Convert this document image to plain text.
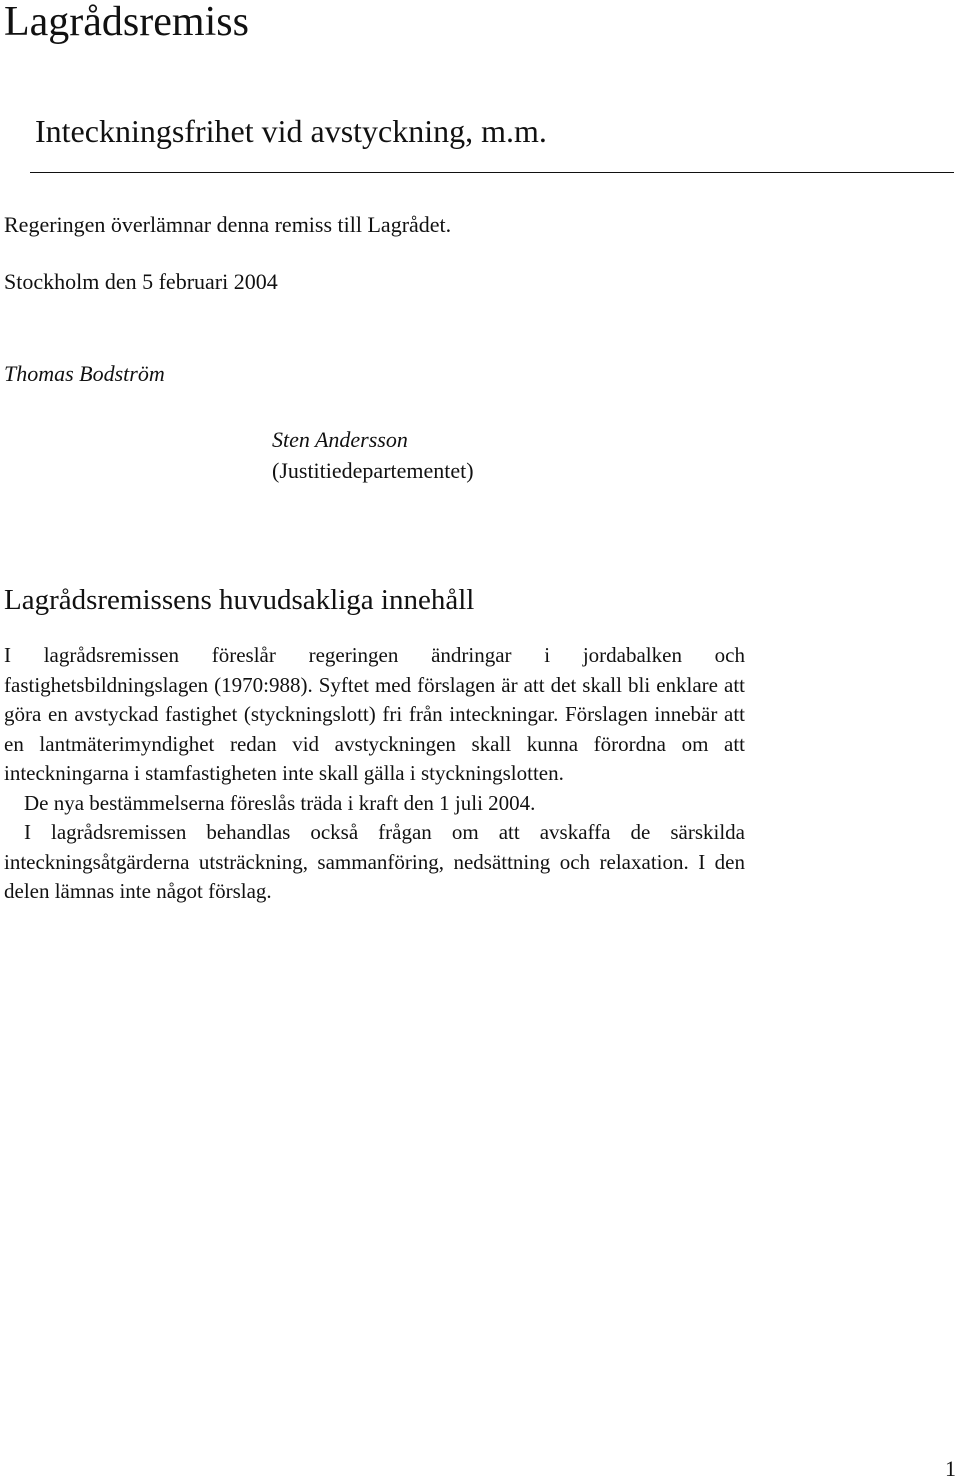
Lagrådsremiss
Inteckningsfrihet vid avstyckning, m.m.
Regeringen överlämnar denna remiss till Lagrådet.
Stockholm den 5 februari 2004
Thomas Bodström
Sten Andersson
(Justitiedepartementet)
Lagrådsremissens huvudsakliga innehåll

I lagrådsremissen föreslår regeringen ändringar i jordabalken och fastighetsbildningslagen (1970:988). Syftet med förslagen är att det skall bli enklare att göra en avstyckad fastighet (styckningslott) fri från inteckningar. Förslagen innebär att en lantmäterimyndighet redan vid avstyckningen skall kunna förordna om att inteckningarna i stamfastigheten inte skall gälla i styckningslotten.

De nya bestämmelserna föreslås träda i kraft den 1 juli 2004.

I lagrådsremissen behandlas också frågan om att avskaffa de särskilda inteckningsåtgärderna utsträckning, sammanföring, nedsättning och relaxation. I den delen lämnas inte något förslag.

1
